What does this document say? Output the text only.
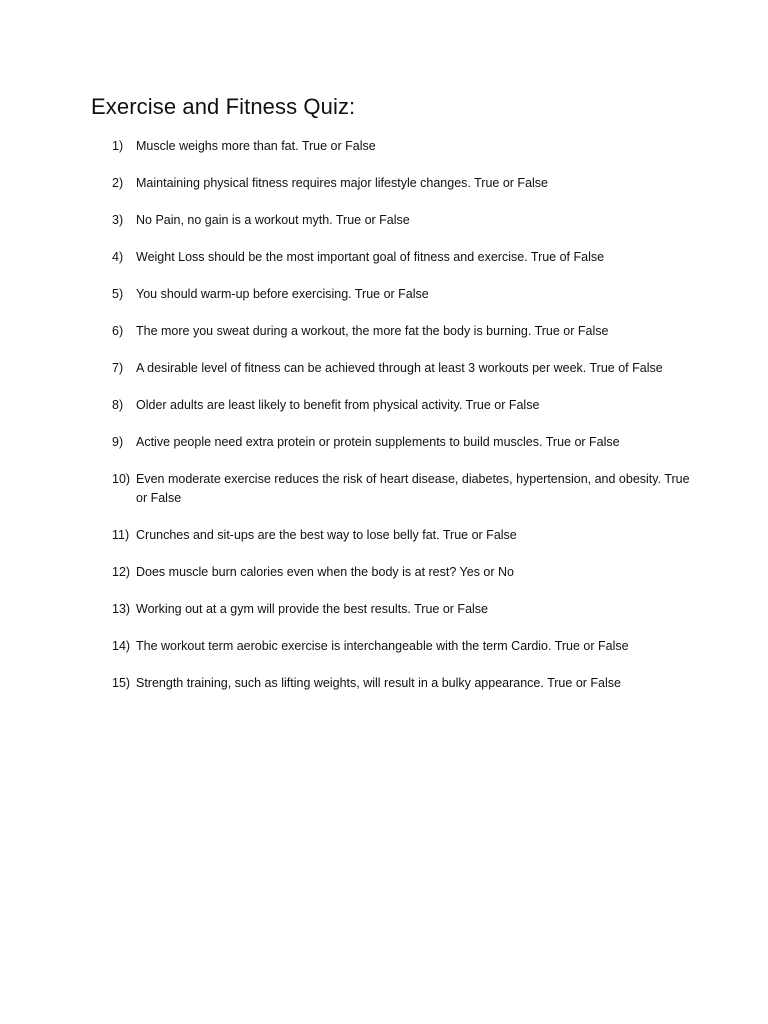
Exercise and Fitness Quiz:
1)	Muscle weighs more than fat. True or False
2)	Maintaining physical fitness requires major lifestyle changes. True or False
3)	No Pain, no gain is a workout myth. True or False
4)	Weight Loss should be the most important goal of fitness and exercise. True of False
5)	You should warm-up before exercising. True or False
6)	The more you sweat during a workout, the more fat the body is burning. True or False
7)	A desirable level of fitness can be achieved through at least 3 workouts per week. True of False
8)	Older adults are least likely to benefit from physical activity. True or False
9)	Active people need extra protein or protein supplements to build muscles. True or False
10) Even moderate exercise reduces the risk of heart disease, diabetes, hypertension, and obesity. True or False
11) Crunches and sit-ups are the best way to lose belly fat. True or False
12) Does muscle burn calories even when the body is at rest? Yes or No
13) Working out at a gym will provide the best results. True or False
14) The workout term aerobic exercise is interchangeable with the term Cardio. True or False
15) Strength training, such as lifting weights, will result in a bulky appearance. True or False
